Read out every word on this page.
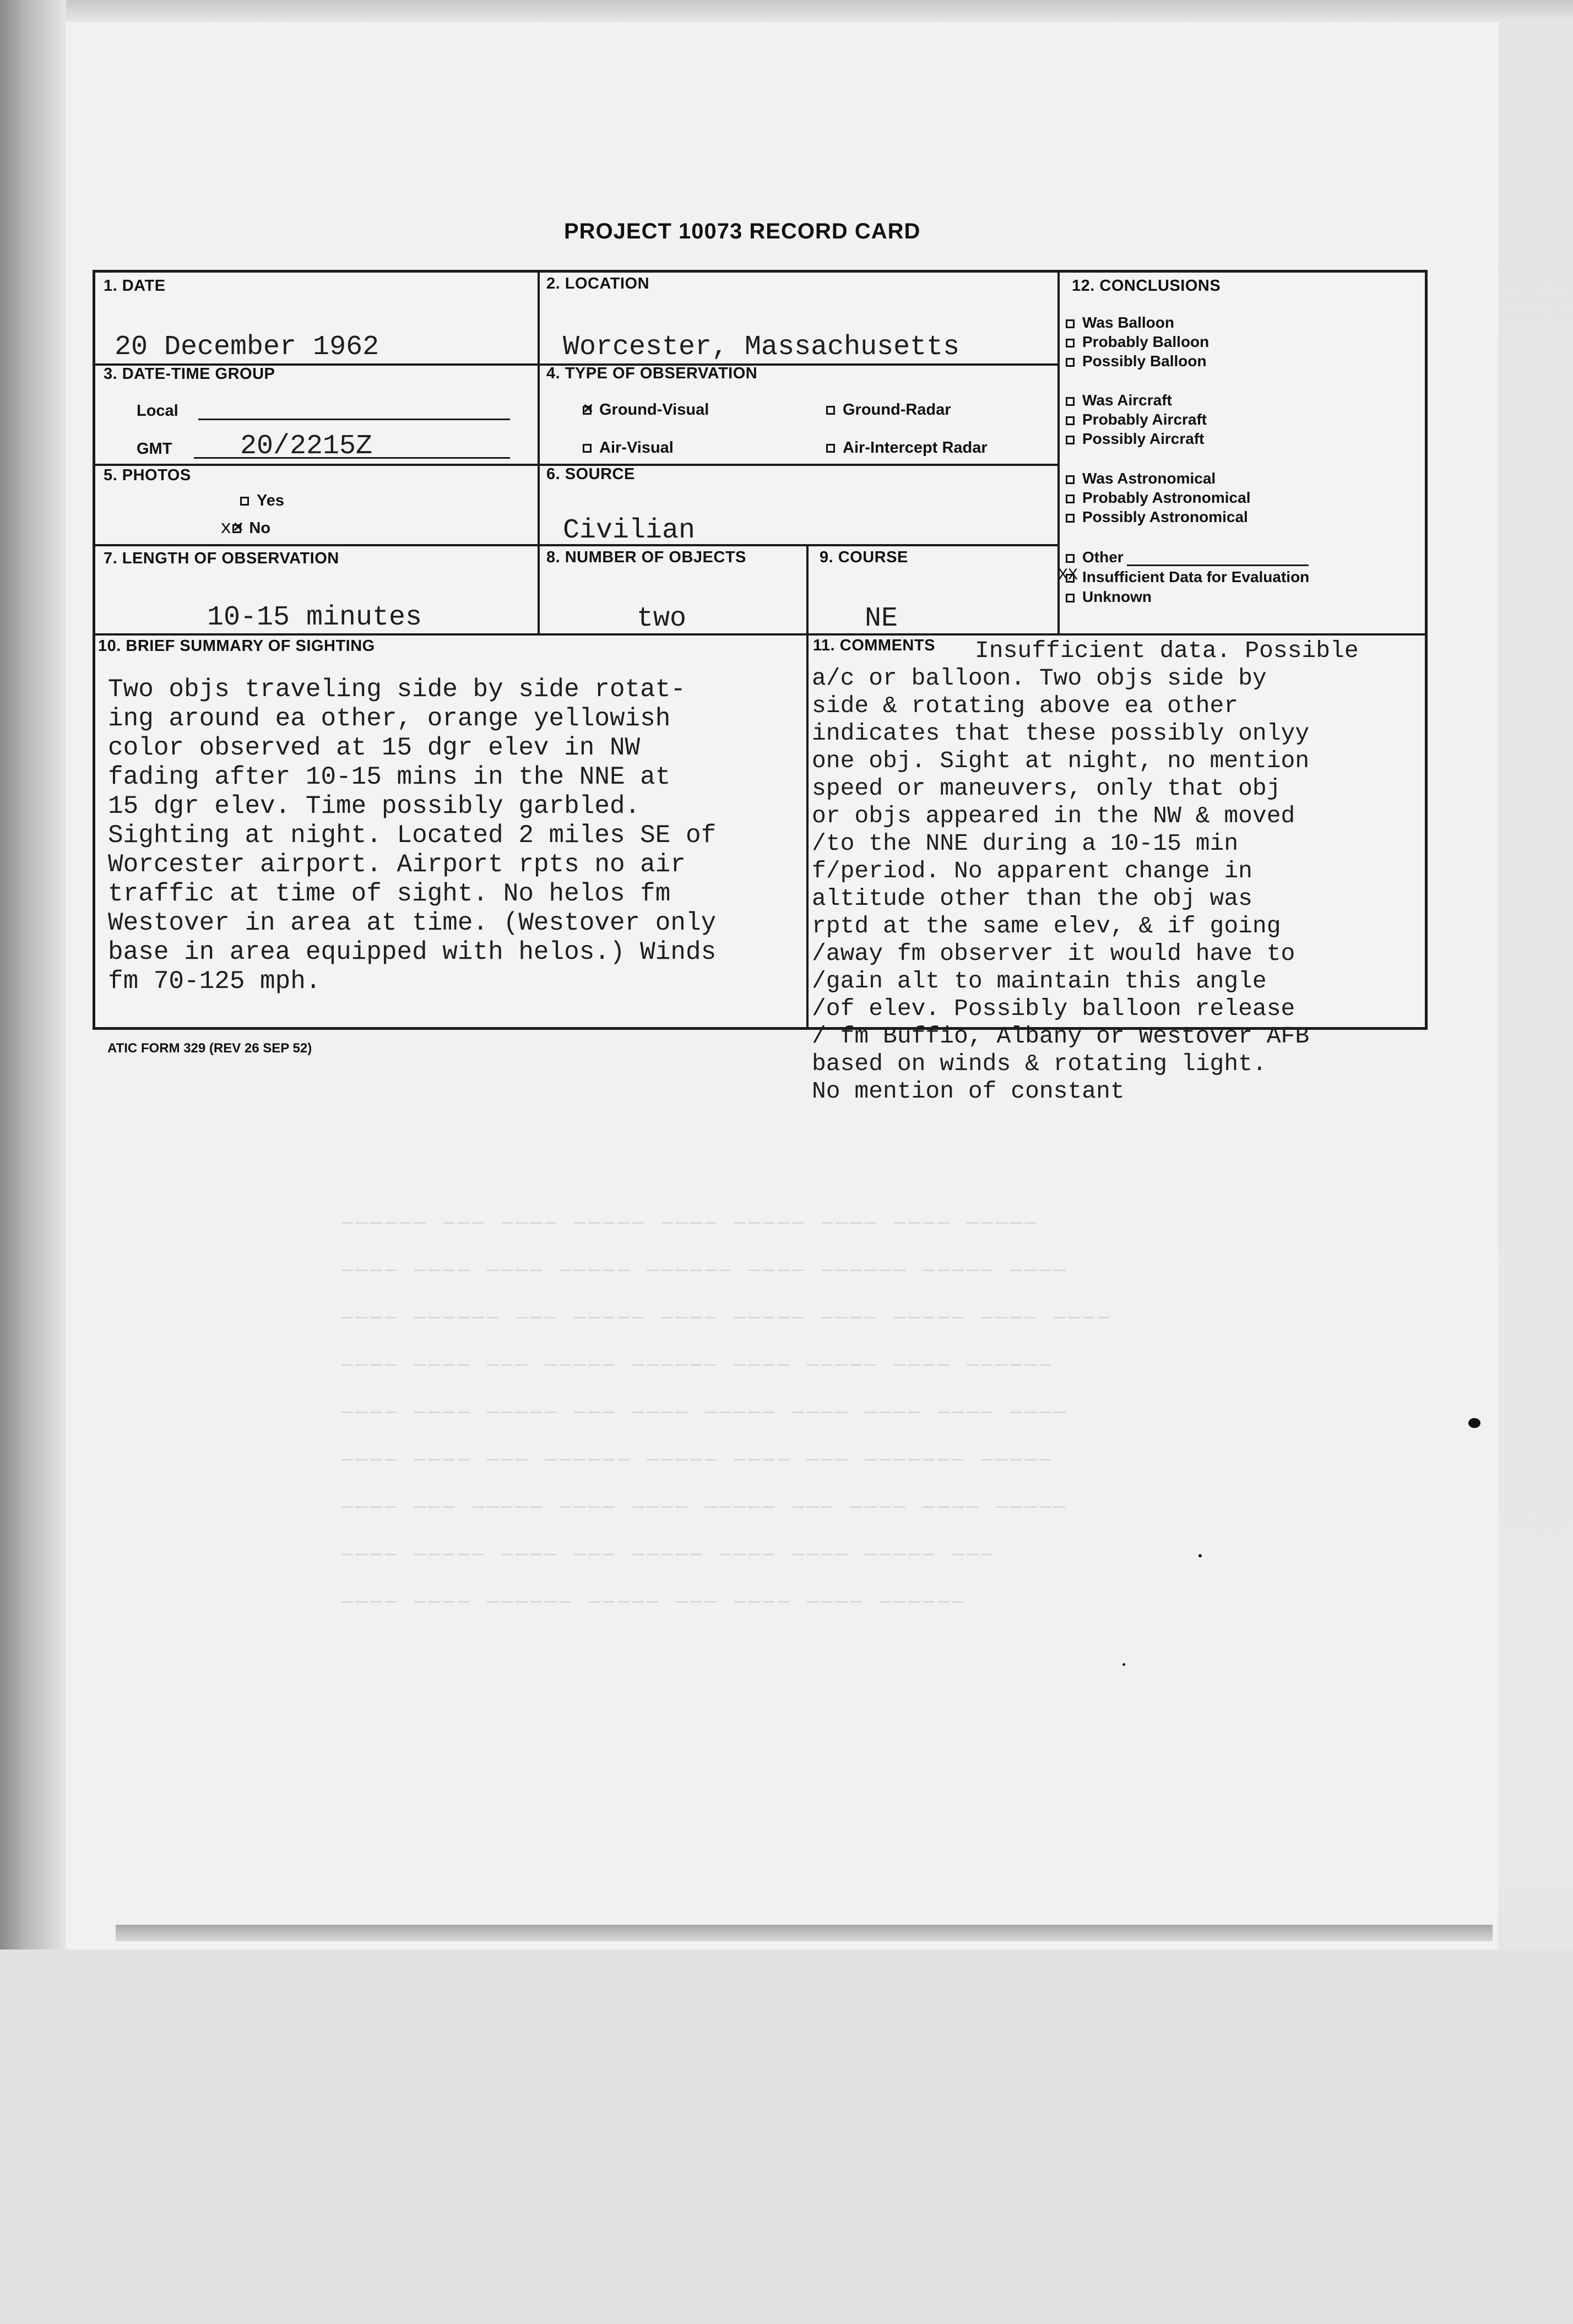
────── ─── ──── ───── ──── ───── ──── ──── ─────
──── ──── ──── ───── ────── ──── ────── ───── ────
──── ────── ─── ───── ──── ───── ──── ───── ──── ────
──── ──── ─── ───── ────── ──── ───── ──── ──────
──── ──── ───── ─── ──── ───── ──── ──── ──── ────
──── ──── ─── ────── ───── ──── ─── ─────── ─────
──── ─── ───── ──── ──── ───── ─── ──── ──── ─────
──── ───── ──── ─── ───── ──── ──── ───── ───
──── ──── ────── ───── ─── ──── ──── ──────
PROJECT 10073 RECORD CARD
1. DATE
20 December 1962
2. LOCATION
Worcester, Massachusetts
3. DATE-TIME GROUP
Local
GMT 20/2215Z
4. TYPE OF OBSERVATION
✕Ground-Visual	Ground-Radar
Air-Visual	Air-Intercept Radar
5. PHOTOS
Yes
x✕ No
6. SOURCE
Civilian
7. LENGTH OF OBSERVATION
10-15 minutes
8. NUMBER OF OBJECTS
two
9. COURSE
NE
10. BRIEF SUMMARY OF SIGHTING
Two objs traveling side by side rotat-
ing around ea other, orange yellowish
color observed at 15 dgr elev in NW
fading after 10-15 mins in the NNE at
15 dgr elev. Time possibly garbled.
Sighting at night. Located 2 miles SE of
Worcester airport. Airport rpts no air
traffic at time of sight. No helos fm
Westover in area at time. (Westover only
base in area equipped with helos.) Winds
fm 70-125 mph.
11. COMMENTS	Insufficient data. Possible
a/c or balloon. Two objs side by
side & rotating above ea other
indicates that these possibly onlyy
one obj. Sight at night, no mention
speed or maneuvers, only that obj
or objs appeared in the NW & moved
/to the NNE during a 10-15 min
f/period. No apparent change in
altitude other than the obj was
rptd at the same elev, & if going
/away fm observer it would have to
/gain alt to maintain this angle
/of elev. Possibly balloon release
/ fm Buffio, Albany or Westover AFB
based on winds & rotating light.
No mention of constant
12. CONCLUSIONS
Was Balloon
Probably Balloon
Possibly Balloon
Was Aircraft
Probably Aircraft
Possibly Aircraft
Was Astronomical
Probably Astronomical
Possibly Astronomical
Other
Insufficient Data for Evaluation
XX
Unknown
ATIC FORM 329 (REV 26 SEP 52)
